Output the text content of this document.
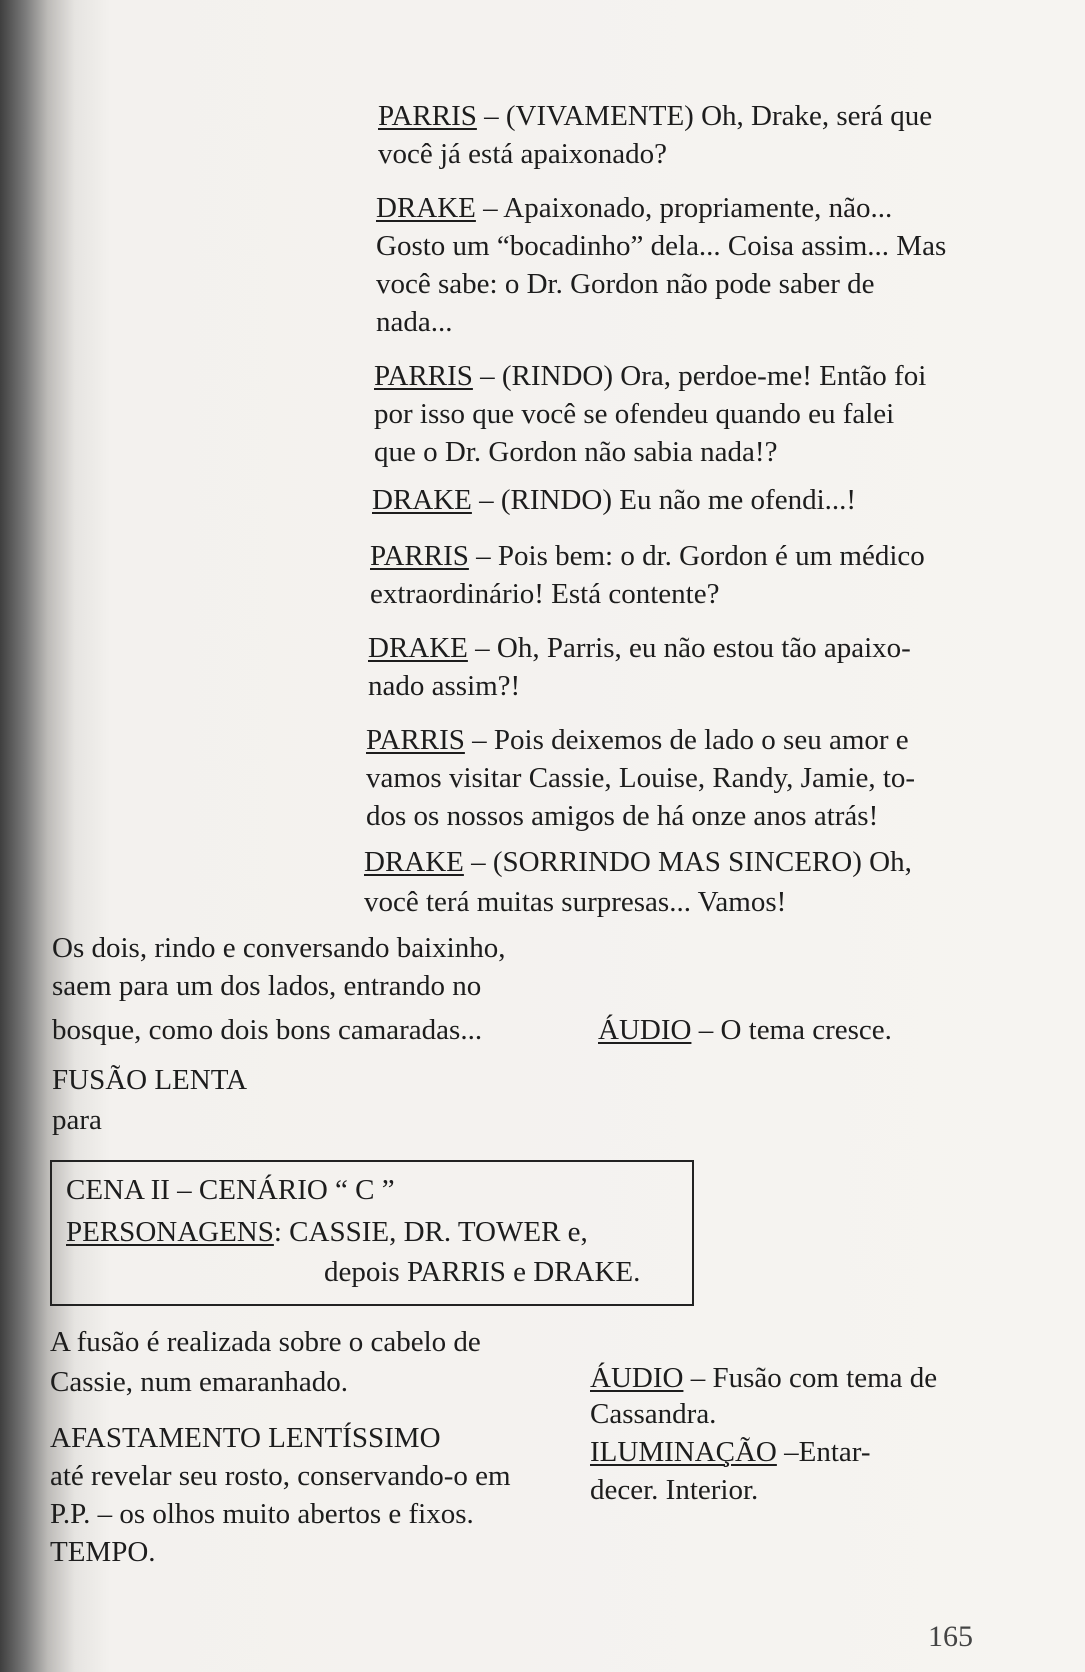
PARRIS – (VIVAMENTE) Oh, Drake, será que
você já está apaixonado?
DRAKE – Apaixonado, propriamente, não...
Gosto um “bocadinho” dela... Coisa assim... Mas
você sabe: o Dr. Gordon não pode saber de
nada...
PARRIS – (RINDO) Ora, perdoe-me! Então foi
por isso que você se ofendeu quando eu falei
que o Dr. Gordon não sabia nada!?
DRAKE – (RINDO) Eu não me ofendi...!
PARRIS – Pois bem: o dr. Gordon é um médico
extraordinário! Está contente?
DRAKE – Oh, Parris, eu não estou tão apaixo-
nado assim?!
PARRIS – Pois deixemos de lado o seu amor e
vamos visitar Cassie, Louise, Randy, Jamie, to-
dos os nossos amigos de há onze anos atrás!
DRAKE – (SORRINDO MAS SINCERO) Oh,
você terá muitas surpresas... Vamos!
Os dois, rindo e conversando baixinho,
saem para um dos lados, entrando no
bosque, como dois bons camaradas...	ÁUDIO – O tema cresce.
FUSÃO LENTA
para
CENA II – CENÁRIO “ C ”
PERSONAGENS: CASSIE, DR. TOWER e,
depois PARRIS e DRAKE.
A fusão é realizada sobre o cabelo de
Cassie, num emaranhado.	ÁUDIO – Fusão com tema de
Cassandra.
AFASTAMENTO LENTÍSSIMO
até revelar seu rosto, conservando-o em
P.P. – os olhos muito abertos e fixos.
TEMPO.
ILUMINAÇÃO –Entar-
decer. Interior.
165
